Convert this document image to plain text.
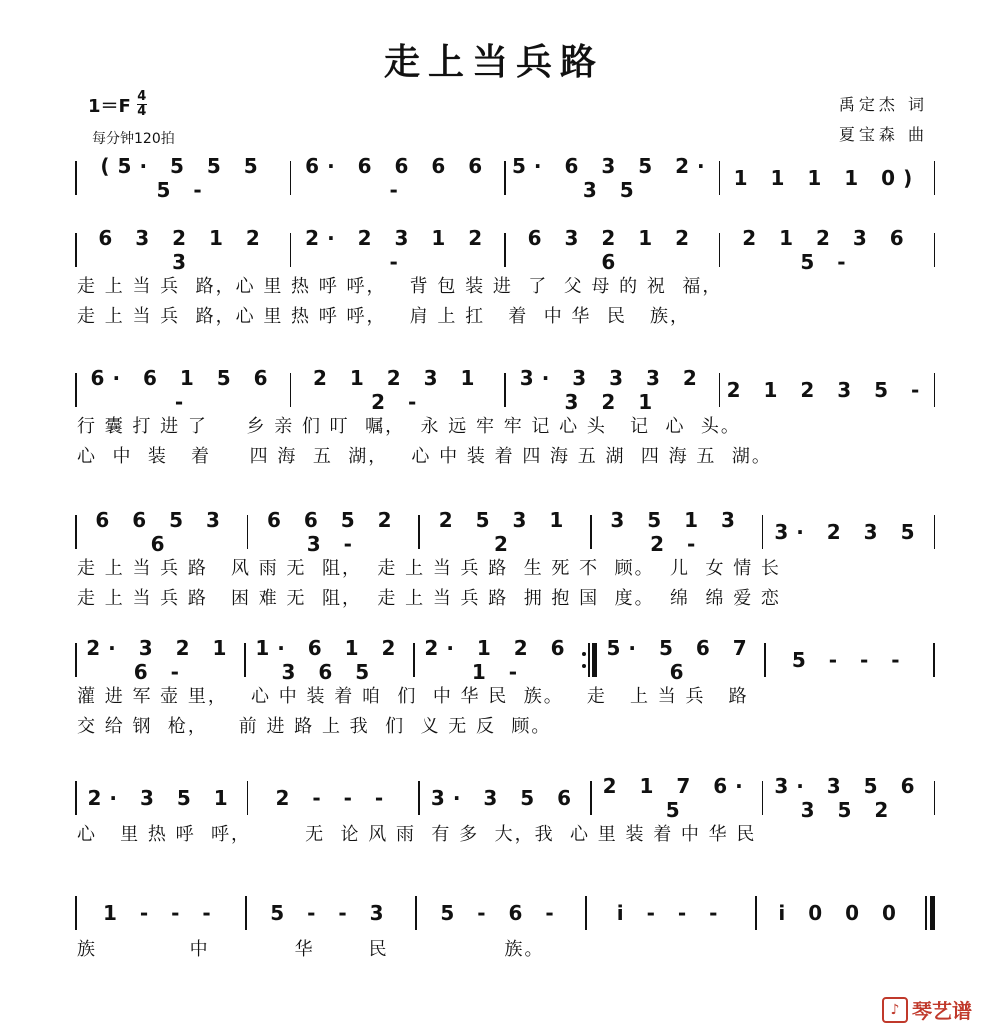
走上当兵路
$1=F \frac{4}{4}$
每分钟120拍
禹定杰 词
夏宝森 曲
(5· 5 5 5 5 -
6· 6 6 6 6 -
5· 6 3 5 2· 3 5	1 1 1 1 0)
6 3 2 1 2 3
2· 2 3 1 2 -
6 3 2 1 2 6
2 1 2 3 6 5 -
走 上 当 兵  路，心 里 热 呼 呼，   背 包 装 进  了  父 母 的 祝  福，
走 上 当 兵  路，心 里 热 呼 呼，   肩 上 扛   着  中 华  民   族，
6· 6 1 5 6 -
2 1 2 3 1 2 -
3· 3 3 3 2 3 2 1	2 1 2 3 5 -
行 囊 打 进 了     乡 亲 们 叮  嘱，  永 远 牢 牢 记 心 头   记  心  头。
心  中  装   着     四 海  五  湖，   心 中 装 着 四 海 五 湖  四 海 五  湖。
6 6 5 3 6
6 6 5 2 3 -
2 5 3 1 2
3 5 1 3 2 -	3· 2 3 5
走 上 当 兵 路   风 雨 无  阻，  走 上 当 兵 路  生 死 不  顾。  儿  女 情 长
走 上 当 兵 路   困 难 无  阻，  走 上 当 兵 路  拥 抱 国  度。  绵  绵 爱 恋
2· 3 2 1 6 -
1· 6 1 2 3 6 5
2· 1 2 6 1 -
5· 5 6 7 6	5 - - -
灌 进 军 壶 里，   心 中 装 着 咱  们  中 华 民  族。   走   上 当 兵   路
交 给 钢  枪，    前 进 路 上 我  们  义 无 反  顾。
2· 3 5 1 2 - - - 3· 3 5 6 2 1 7 6· 5
3· 3 5 6 3 5 2
心   里 热 呼  呼，       无  论 风 雨  有 多  大，我  心 里 装 着 中 华 民
1 - - -	5 - - 3 5 - 6 -	i - - -	i 0 0 0
族            中           华       民               族。
♪ 琴艺谱
